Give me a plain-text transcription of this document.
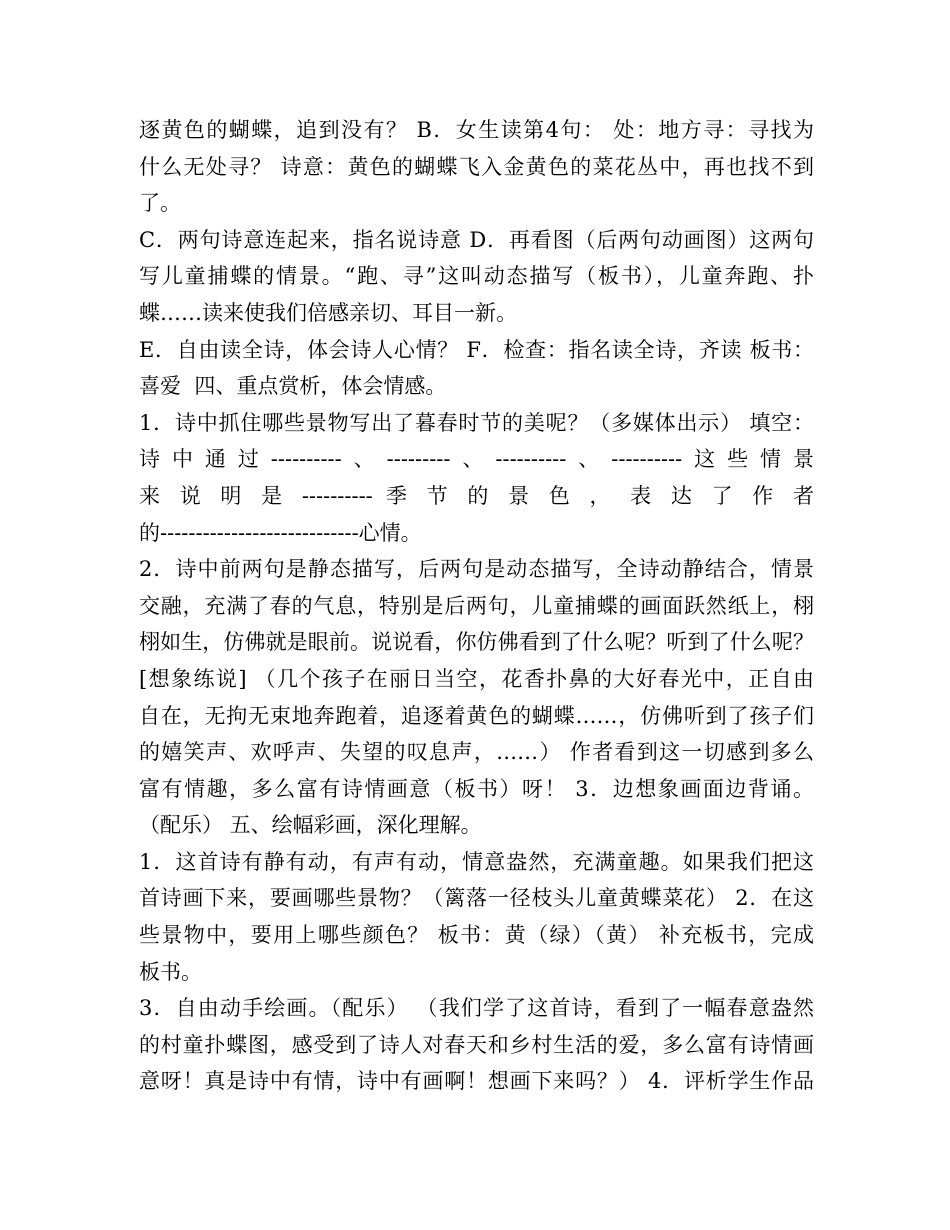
逐黄色的蝴蝶，追到没有？ B．女生读第4句： 处：地方寻：寻找为
什么无处寻？ 诗意：黄色的蝴蝶飞入金黄色的菜花丛中，再也找不到
了。
C．两句诗意连起来，指名说诗意 D．再看图（后两句动画图）这两句
写儿童捕蝶的情景。“跑、寻”这叫动态描写（板书），儿童奔跑、扑
蝶……读来使我们倍感亲切、耳目一新。
E．自由读全诗，体会诗人心情？ F．检查：指名读全诗，齐读 板书：
喜爱  四、重点赏析，体会情感。
1．诗中抓住哪些景物写出了暮春时节的美呢？（多媒体出示） 填空：
诗中通过----------、---------、----------、----------这些情景
来 说 明 是 ---------- 季 节 的 景 色 ， 表 达 了 作 者
的----------------------------心情。
2．诗中前两句是静态描写，后两句是动态描写，全诗动静结合，情景
交融，充满了春的气息，特别是后两句，儿童捕蝶的画面跃然纸上，栩
栩如生，仿佛就是眼前。说说看，你仿佛看到了什么呢？听到了什么呢？
[想象练说] （几个孩子在丽日当空，花香扑鼻的大好春光中，正自由
自在，无拘无束地奔跑着，追逐着黄色的蝴蝶……，仿佛听到了孩子们
的嬉笑声、欢呼声、失望的叹息声，……） 作者看到这一切感到多么
富有情趣，多么富有诗情画意（板书）呀！ 3．边想象画面边背诵。
（配乐） 五、绘幅彩画，深化理解。
1．这首诗有静有动，有声有动，情意盎然，充满童趣。如果我们把这
首诗画下来，要画哪些景物？（篱落一径枝头儿童黄蝶菜花） 2．在这
些景物中，要用上哪些颜色？ 板书：黄（绿）（黄） 补充板书，完成
板书。
3．自由动手绘画。（配乐） （我们学了这首诗，看到了一幅春意盎然
的村童扑蝶图，感受到了诗人对春天和乡村生活的爱，多么富有诗情画
意呀！真是诗中有情，诗中有画啊！想画下来吗？） 4．评析学生作品
